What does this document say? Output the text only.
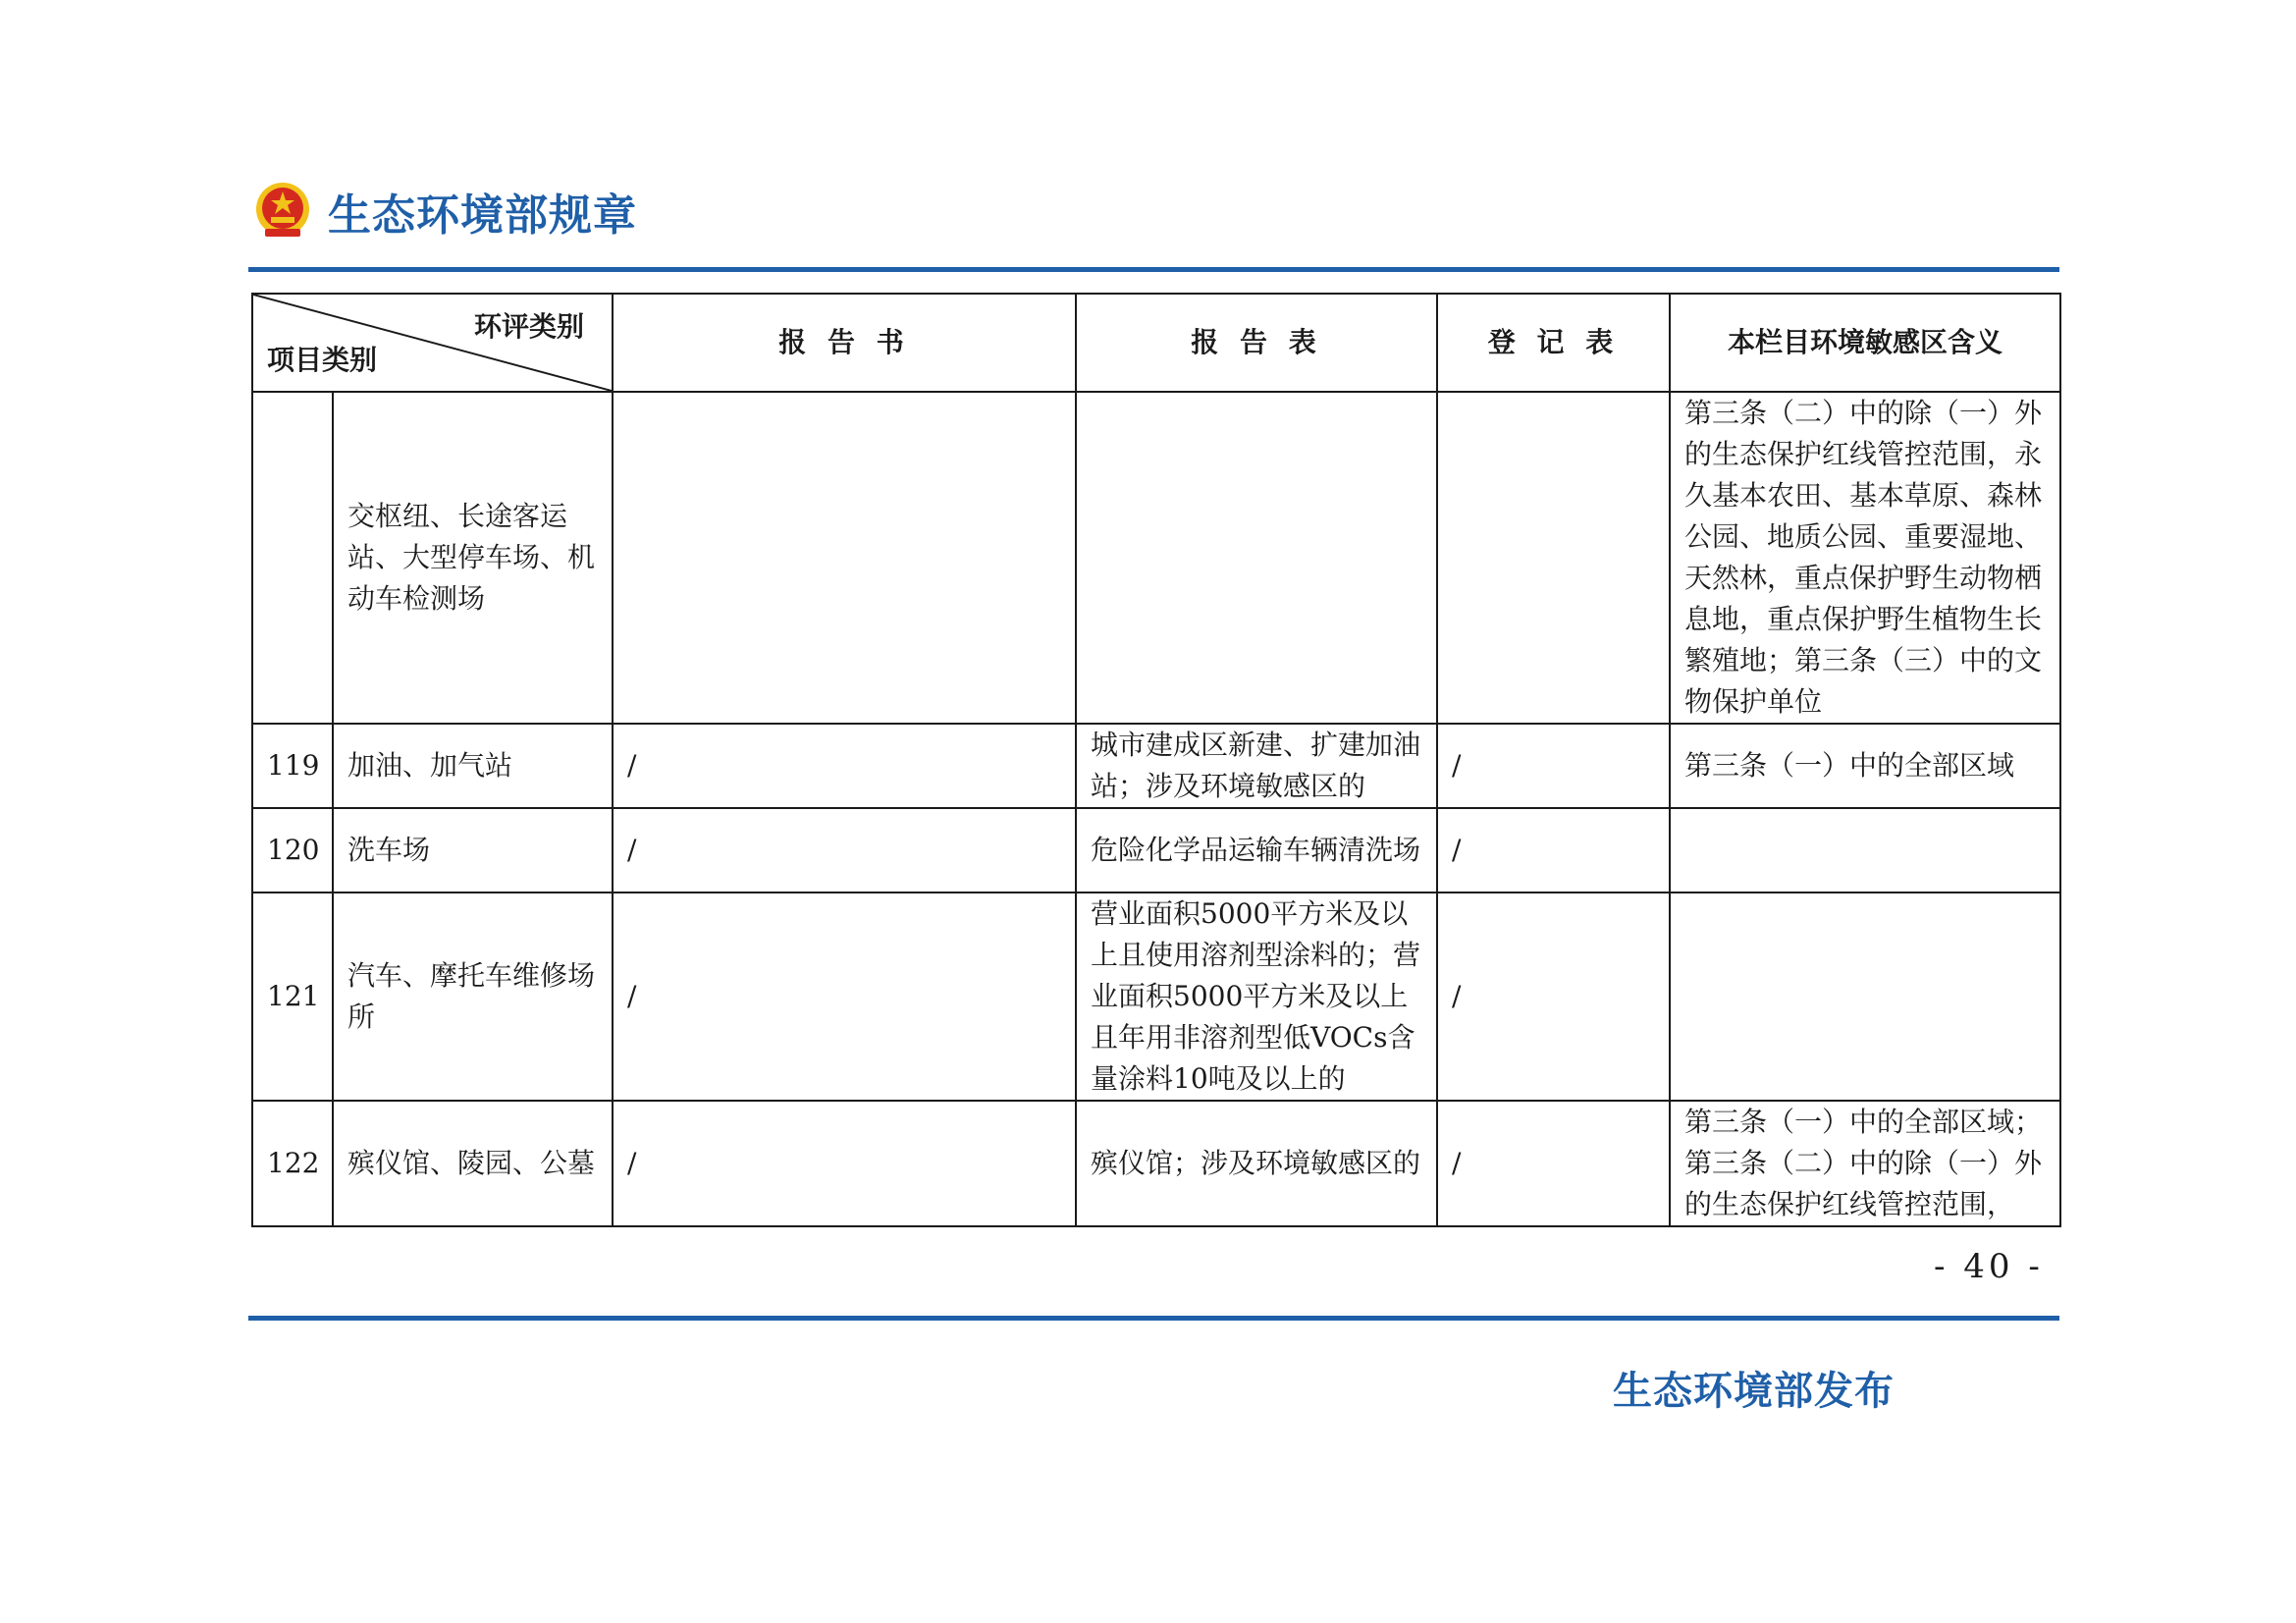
生态环境部规章
环评类别
项目类别		报 告 书	报 告 表	登 记 表	本栏目环境敏感区含义
	交枢纽、长途客运站、大型停车场、机动车检测场				第三条（二）中的除（一）外的生态保护红线管控范围，永久基本农田、基本草原、森林公园、地质公园、重要湿地、天然林，重点保护野生动物栖息地，重点保护野生植物生长繁殖地；第三条（三）中的文物保护单位
119	加油、加气站	/	城市建成区新建、扩建加油站；涉及环境敏感区的	/	第三条（一）中的全部区域
120	洗车场	/	危险化学品运输车辆清洗场	/	
121	汽车、摩托车维修场所	/	营业面积5000平方米及以上且使用溶剂型涂料的；营业面积5000平方米及以上且年用非溶剂型低VOCs含量涂料10吨及以上的	/	
122	殡仪馆、陵园、公墓	/	殡仪馆；涉及环境敏感区的	/	第三条（一）中的全部区域；第三条（二）中的除（一）外的生态保护红线管控范围，
- 40 -
生态环境部发布
